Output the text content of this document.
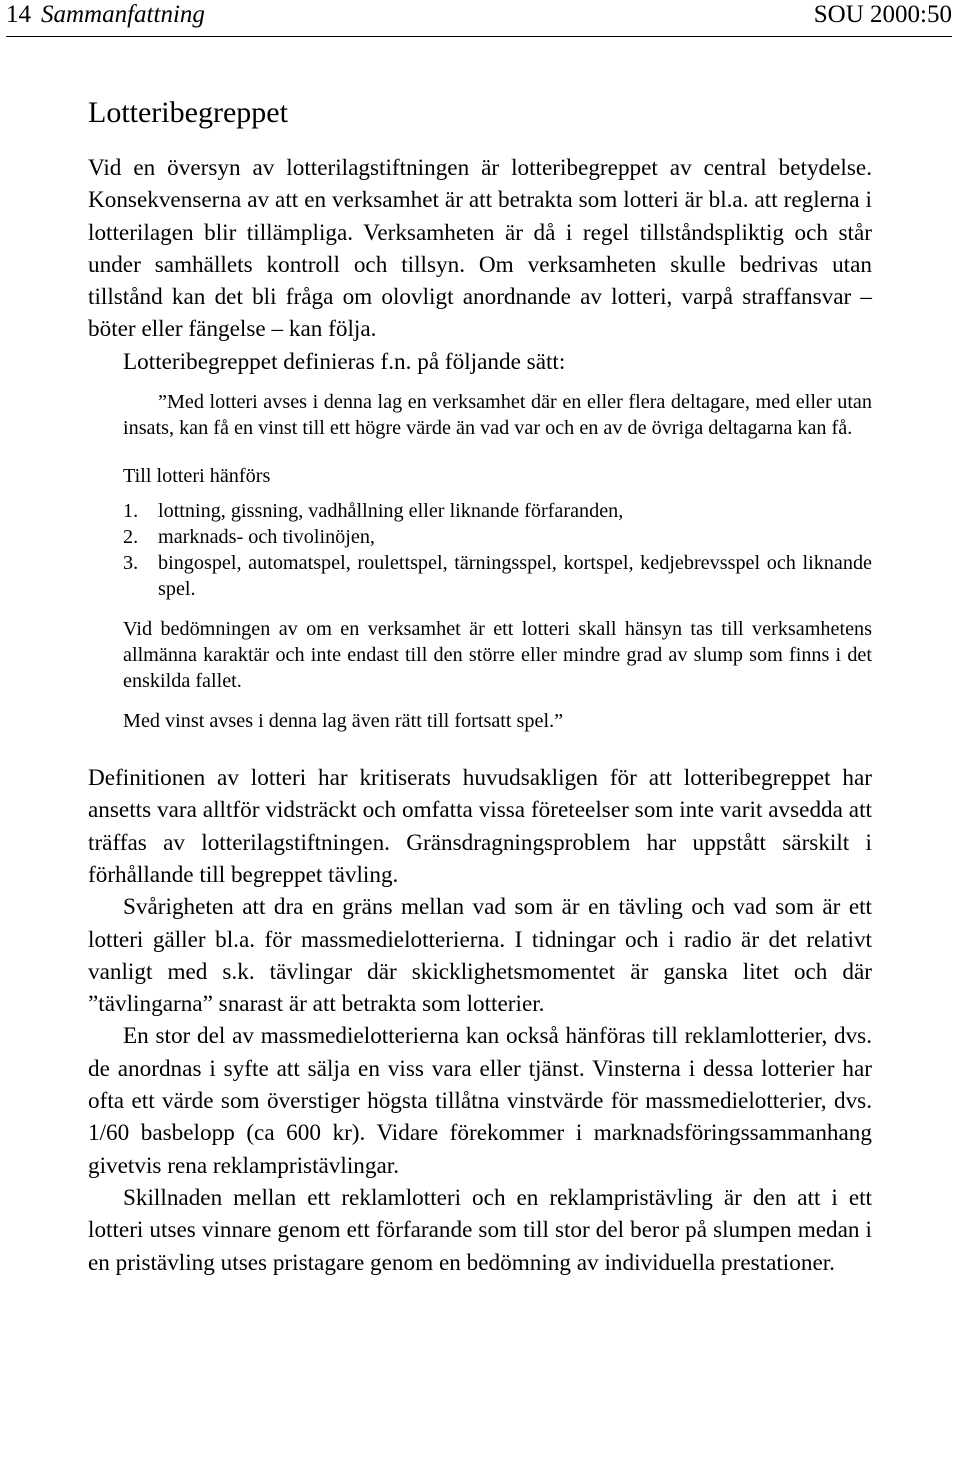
14 Sammanfattning	SOU 2000:50
Lotteribegreppet

Vid en översyn av lotterilagstiftningen är lotteribegreppet av central betydelse. Konsekvenserna av att en verksamhet är att betrakta som lotteri är bl.a. att reglerna i lotterilagen blir tillämpliga. Verksamheten är då i regel tillståndspliktig och står under samhällets kontroll och tillsyn. Om verksamheten skulle bedrivas utan tillstånd kan det bli fråga om olovligt anordnande av lotteri, varpå straffansvar – böter eller fängelse – kan följa.

Lotteribegreppet definieras f.n. på följande sätt:

”Med lotteri avses i denna lag en verksamhet där en eller flera deltagare, med eller utan insats, kan få en vinst till ett högre värde än vad var och en av de övriga deltagarna kan få.

Till lotteri hänförs

1. lottning, gissning, vadhållning eller liknande förfaranden,
2. marknads- och tivolinöjen,
3. bingospel, automatspel, roulettspel, tärningsspel, kortspel, kedjebrevsspel och liknande spel.

Vid bedömningen av om en verksamhet är ett lotteri skall hänsyn tas till verksamhetens allmänna karaktär och inte endast till den större eller mindre grad av slump som finns i det enskilda fallet.

Med vinst avses i denna lag även rätt till fortsatt spel.”

Definitionen av lotteri har kritiserats huvudsakligen för att lotteribegreppet har ansetts vara alltför vidsträckt och omfatta vissa företeelser som inte varit avsedda att träffas av lotterilagstiftningen. Gränsdragningsproblem har uppstått särskilt i förhållande till begreppet tävling.

Svårigheten att dra en gräns mellan vad som är en tävling och vad som är ett lotteri gäller bl.a. för massmedielotterierna. I tidningar och i radio är det relativt vanligt med s.k. tävlingar där skicklighetsmomentet är ganska litet och där ”tävlingarna” snarast är att betrakta som lotterier.

En stor del av massmedielotterierna kan också hänföras till reklamlotterier, dvs. de anordnas i syfte att sälja en viss vara eller tjänst. Vinsterna i dessa lotterier har ofta ett värde som överstiger högsta tillåtna vinstvärde för massmedielotterier, dvs. 1/60 basbelopp (ca 600 kr). Vidare förekommer i marknadsföringssammanhang givetvis rena reklampristävlingar.

Skillnaden mellan ett reklamlotteri och en reklampristävling är den att i ett lotteri utses vinnare genom ett förfarande som till stor del beror på slumpen medan i en pristävling utses pristagare genom en bedömning av individuella prestationer.
